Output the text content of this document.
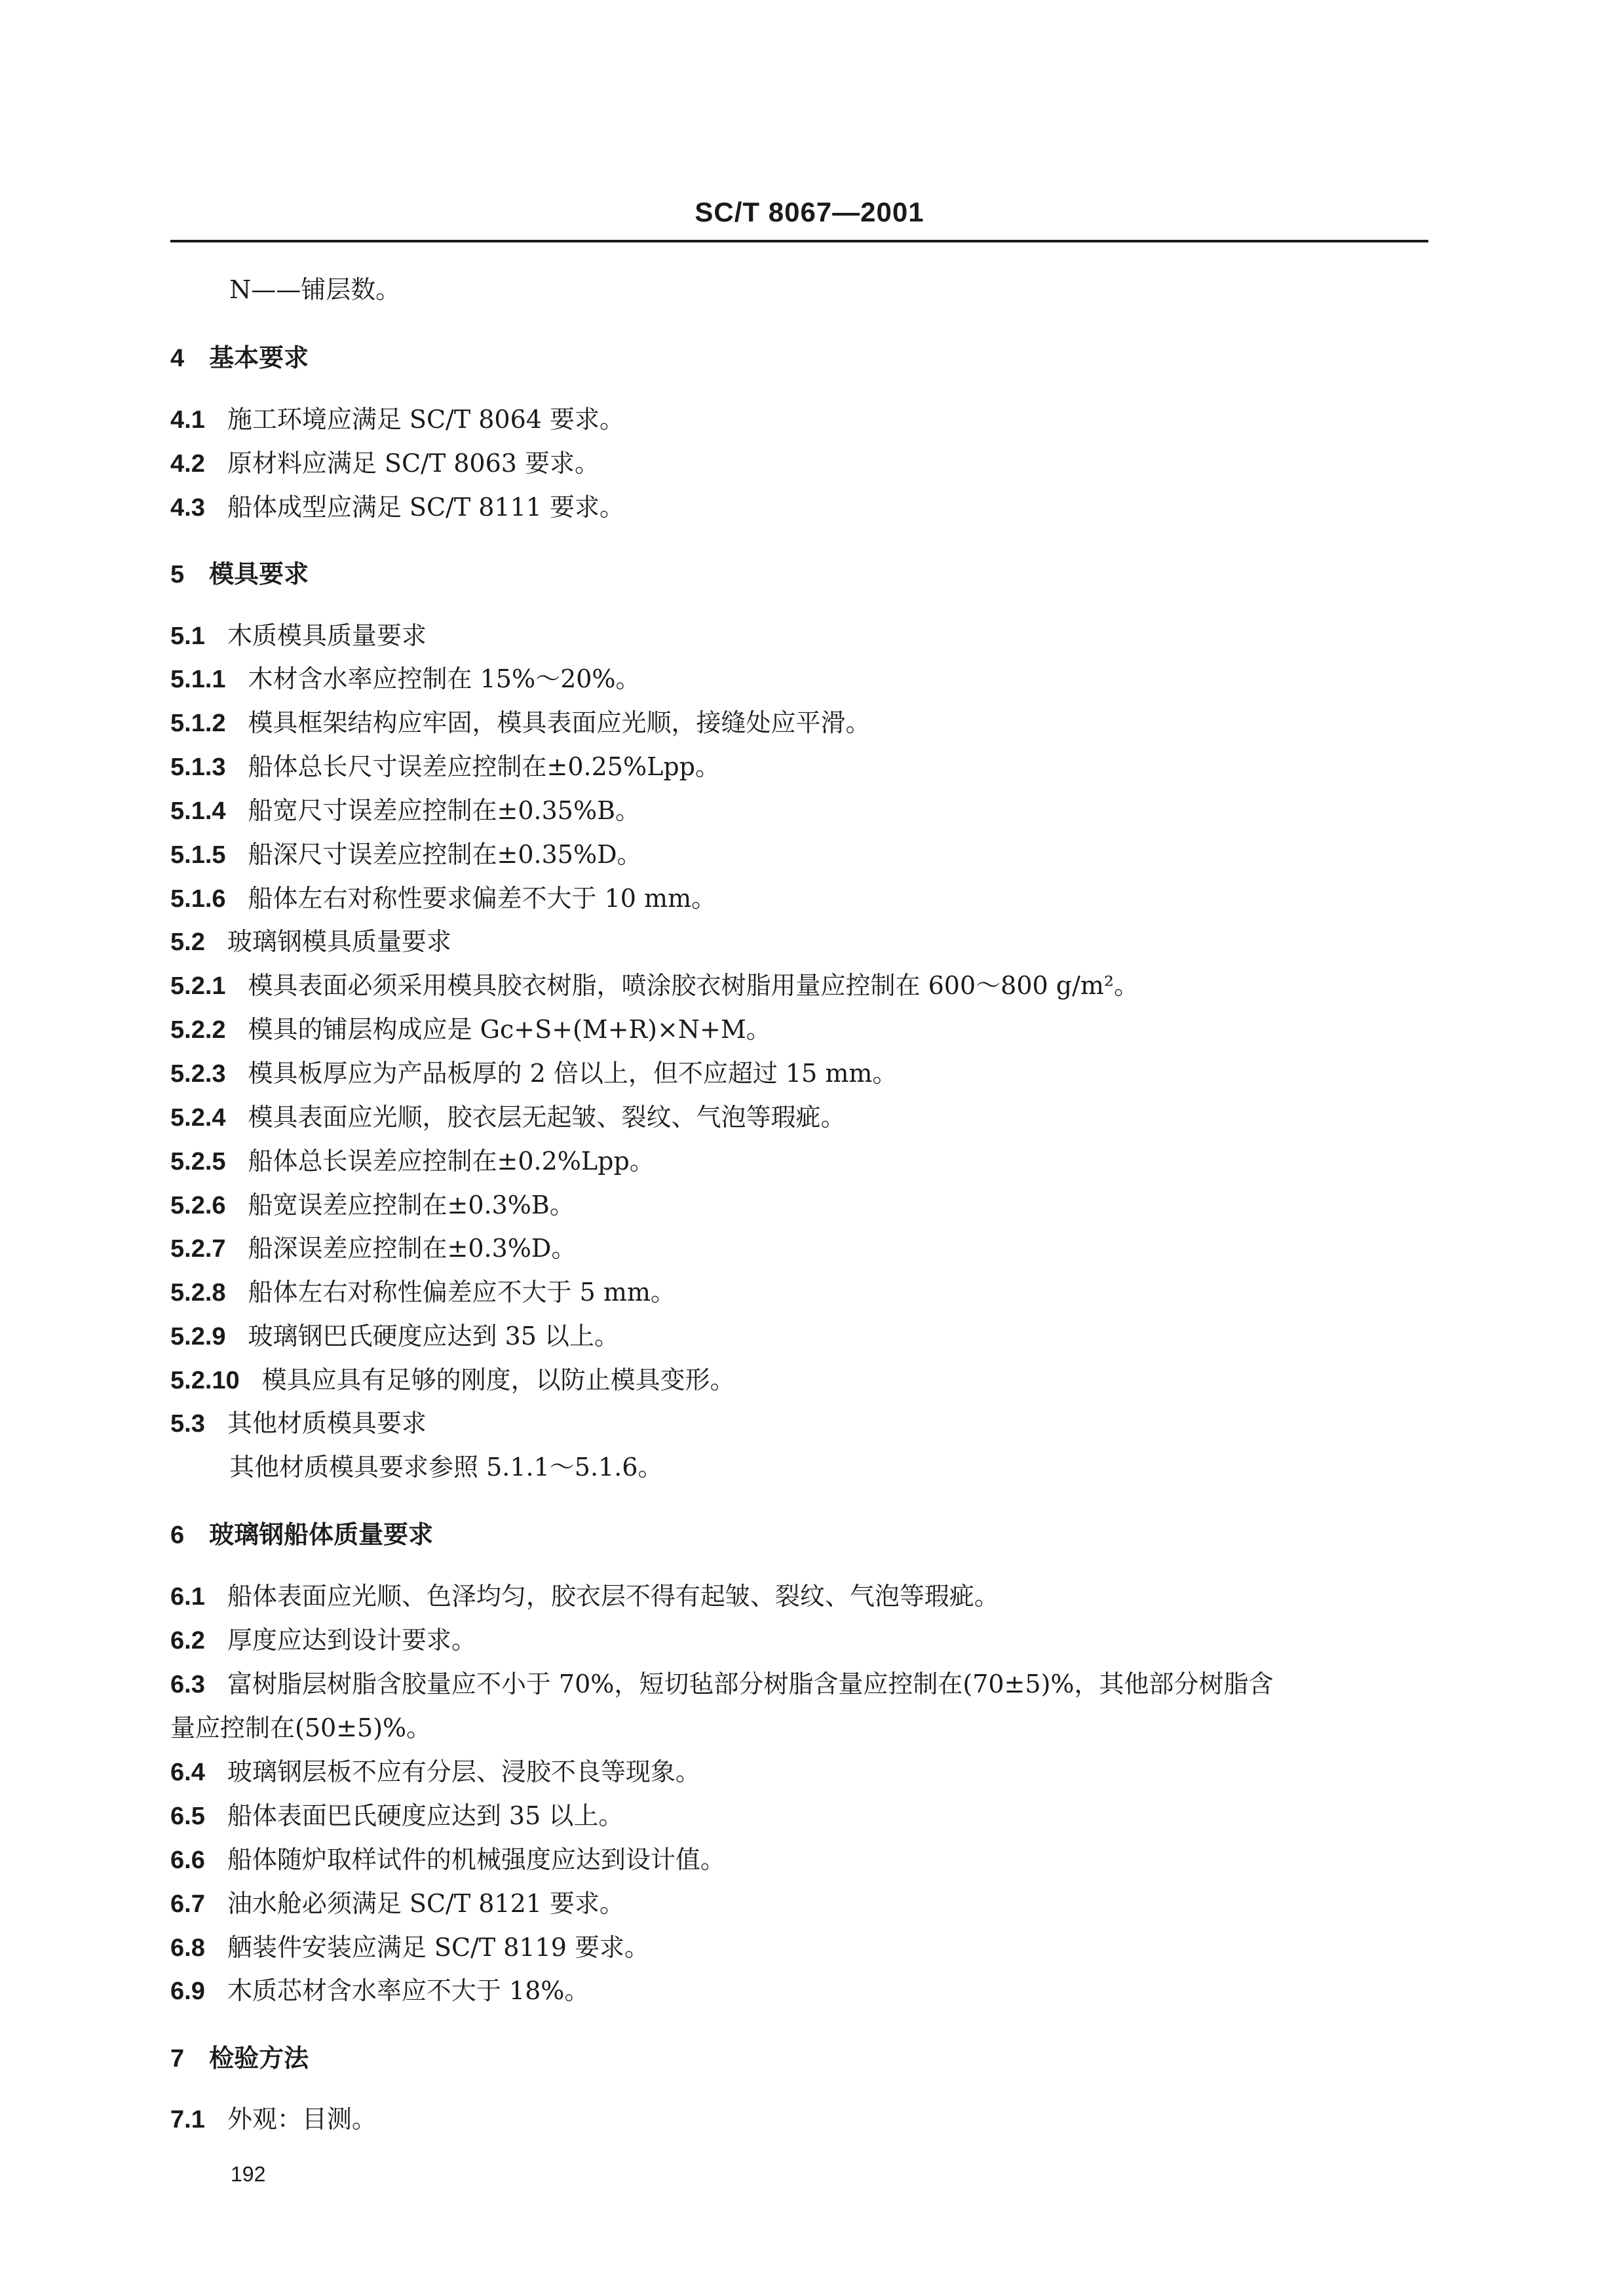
SC/T 8067—2001
N——铺层数。
4 基本要求
4.1 施工环境应满足 SC/T 8064 要求。
4.2 原材料应满足 SC/T 8063 要求。
4.3 船体成型应满足 SC/T 8111 要求。
5 模具要求
5.1 木质模具质量要求
5.1.1 木材含水率应控制在 15%～20%。
5.1.2 模具框架结构应牢固，模具表面应光顺，接缝处应平滑。
5.1.3 船体总长尺寸误差应控制在±0.25%Lpp。
5.1.4 船宽尺寸误差应控制在±0.35%B。
5.1.5 船深尺寸误差应控制在±0.35%D。
5.1.6 船体左右对称性要求偏差不大于 10 mm。
5.2 玻璃钢模具质量要求
5.2.1 模具表面必须采用模具胶衣树脂，喷涂胶衣树脂用量应控制在 600～800 g/m²。
5.2.2 模具的铺层构成应是 Gc+S+(M+R)×N+M。
5.2.3 模具板厚应为产品板厚的 2 倍以上，但不应超过 15 mm。
5.2.4 模具表面应光顺，胶衣层无起皱、裂纹、气泡等瑕疵。
5.2.5 船体总长误差应控制在±0.2%Lpp。
5.2.6 船宽误差应控制在±0.3%B。
5.2.7 船深误差应控制在±0.3%D。
5.2.8 船体左右对称性偏差应不大于 5 mm。
5.2.9 玻璃钢巴氏硬度应达到 35 以上。
5.2.10 模具应具有足够的刚度，以防止模具变形。
5.3 其他材质模具要求
其他材质模具要求参照 5.1.1～5.1.6。
6 玻璃钢船体质量要求
6.1 船体表面应光顺、色泽均匀，胶衣层不得有起皱、裂纹、气泡等瑕疵。
6.2 厚度应达到设计要求。
6.3 富树脂层树脂含胶量应不小于 70%，短切毡部分树脂含量应控制在(70±5)%，其他部分树脂含
量应控制在(50±5)%。
6.4 玻璃钢层板不应有分层、浸胶不良等现象。
6.5 船体表面巴氏硬度应达到 35 以上。
6.6 船体随炉取样试件的机械强度应达到设计值。
6.7 油水舱必须满足 SC/T 8121 要求。
6.8 舾装件安装应满足 SC/T 8119 要求。
6.9 木质芯材含水率应不大于 18%。
7 检验方法
7.1 外观：目测。
192
